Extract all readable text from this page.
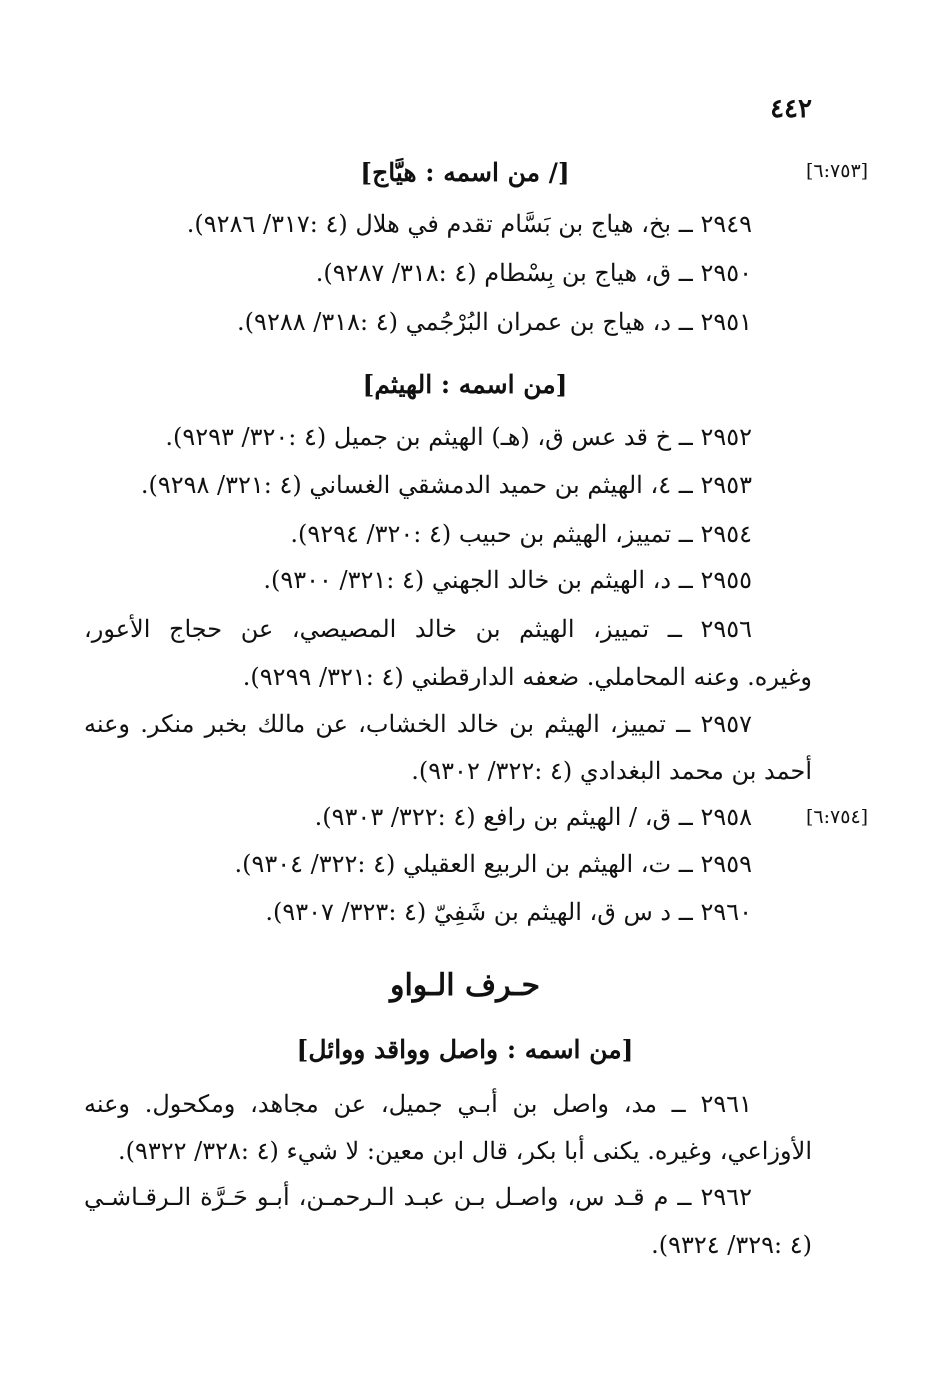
٤٤٢
[٦:٧٥٣]
[/ من اسمه : هيَّاج]
٢٩٤٩ ــ بخ، هياج بن بَسَّام تقدم في هلال (٤ :٣١٧/ ٩٢٨٦).
٢٩٥٠ ــ ق، هياج بن بِسْطام (٤ :٣١٨/ ٩٢٨٧).
٢٩٥١ ــ د، هياج بن عمران البُرْجُمي (٤ :٣١٨/ ٩٢٨٨).
[من اسمه : الهيثم]
٢٩٥٢ ــ خ قد عس ق، (هـ) الهيثم بن جميل (٤ :٣٢٠/ ٩٢٩٣).
٢٩٥٣ ــ ٤، الهيثم بن حميد الدمشقي الغساني (٤ :٣٢١/ ٩٢٩٨).
٢٩٥٤ ــ تمييز، الهيثم بن حبيب (٤ :٣٢٠/ ٩٢٩٤).
٢٩٥٥ ــ د، الهيثم بن خالد الجهني (٤ :٣٢١/ ٩٣٠٠).
٢٩٥٦ ــ تمييز، الهيثم بن خالد المصيصي، عن حجاج الأعور،
وغيره. وعنه المحاملي. ضعفه الدارقطني (٤ :٣٢١/ ٩٢٩٩).
٢٩٥٧ ــ تمييز، الهيثم بن خالد الخشاب، عن مالك بخبر منكر. وعنه
أحمد بن محمد البغدادي (٤ :٣٢٢/ ٩٣٠٢).
[٦:٧٥٤]
٢٩٥٨ ــ ق، / الهيثم بن رافع (٤ :٣٢٢/ ٩٣٠٣).
٢٩٥٩ ــ ت، الهيثم بن الربيع العقيلي (٤ :٣٢٢/ ٩٣٠٤).
٢٩٦٠ ــ د س ق، الهيثم بن شَفِيّ (٤ :٣٢٣/ ٩٣٠٧).
حـرف الـواو
[من اسمه : واصل وواقد ووائل]
٢٩٦١ ــ مد، واصل بن أبـي جميل، عن مجاهد، ومكحول. وعنه
الأوزاعي، وغيره. يكنى أبا بكر، قال ابن معين: لا شيء (٤ :٣٢٨/ ٩٣٢٢).
٢٩٦٢ ــ م قـد س، واصـل بـن عبـد الـرحمـن، أبـو حَـرَّة الـرقـاشـي
(٤ :٣٢٩/ ٩٣٢٤).
